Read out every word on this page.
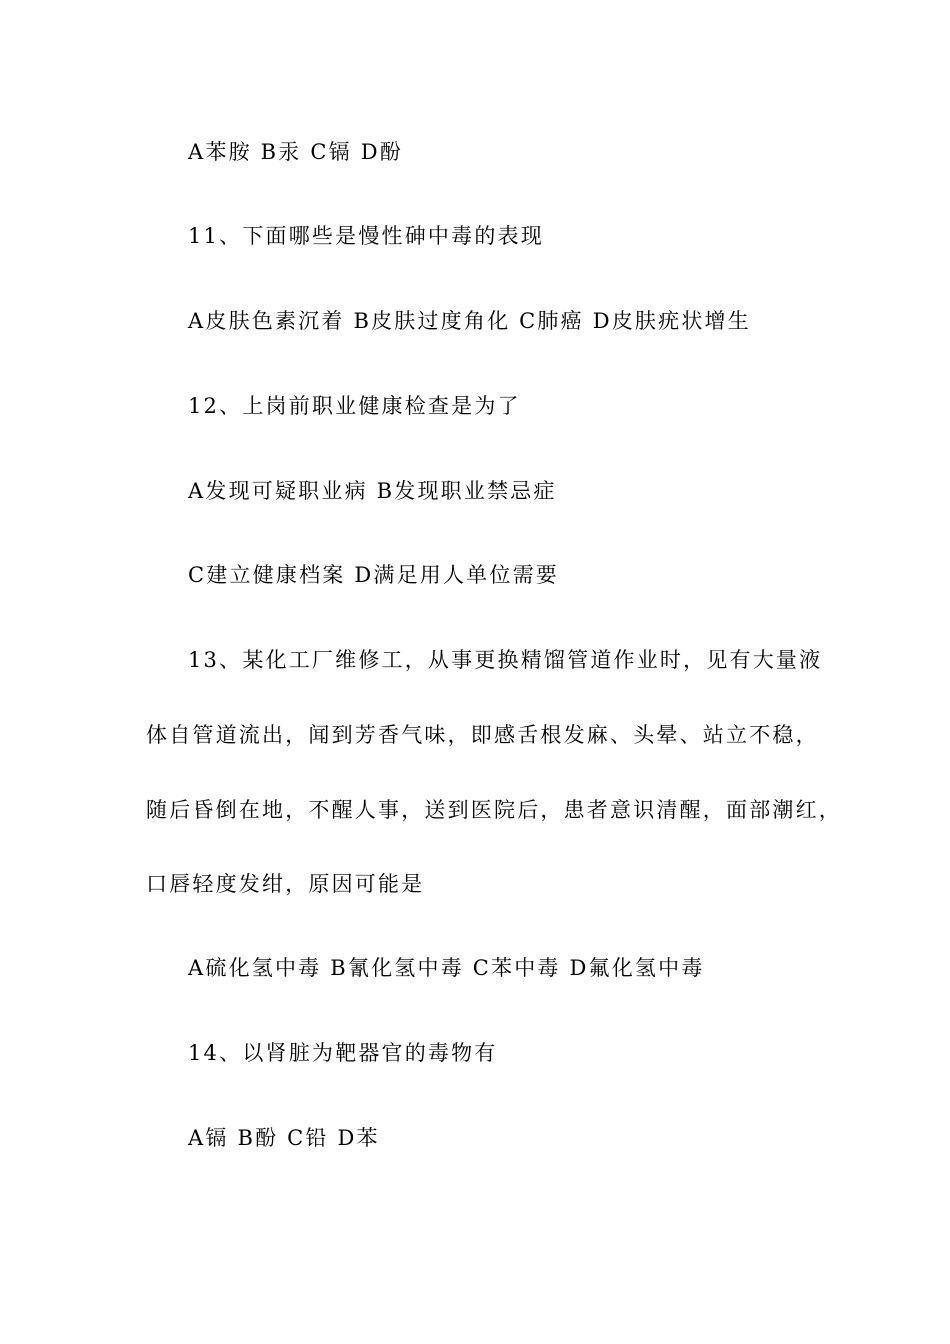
A苯胺 B汞 C镉 D酚
11、下面哪些是慢性砷中毒的表现
A皮肤色素沉着 B皮肤过度角化 C肺癌 D皮肤疣状增生
12、上岗前职业健康检查是为了
A发现可疑职业病 B发现职业禁忌症
C建立健康档案 D满足用人单位需要
13、某化工厂维修工，从事更换精馏管道作业时，见有大量液
体自管道流出，闻到芳香气味，即感舌根发麻、头晕、站立不稳，
随后昏倒在地，不醒人事，送到医院后，患者意识清醒，面部潮红，
口唇轻度发绀，原因可能是
A硫化氢中毒 B氰化氢中毒 C苯中毒 D氟化氢中毒
14、以肾脏为靶器官的毒物有
A镉 B酚 C铅 D苯
